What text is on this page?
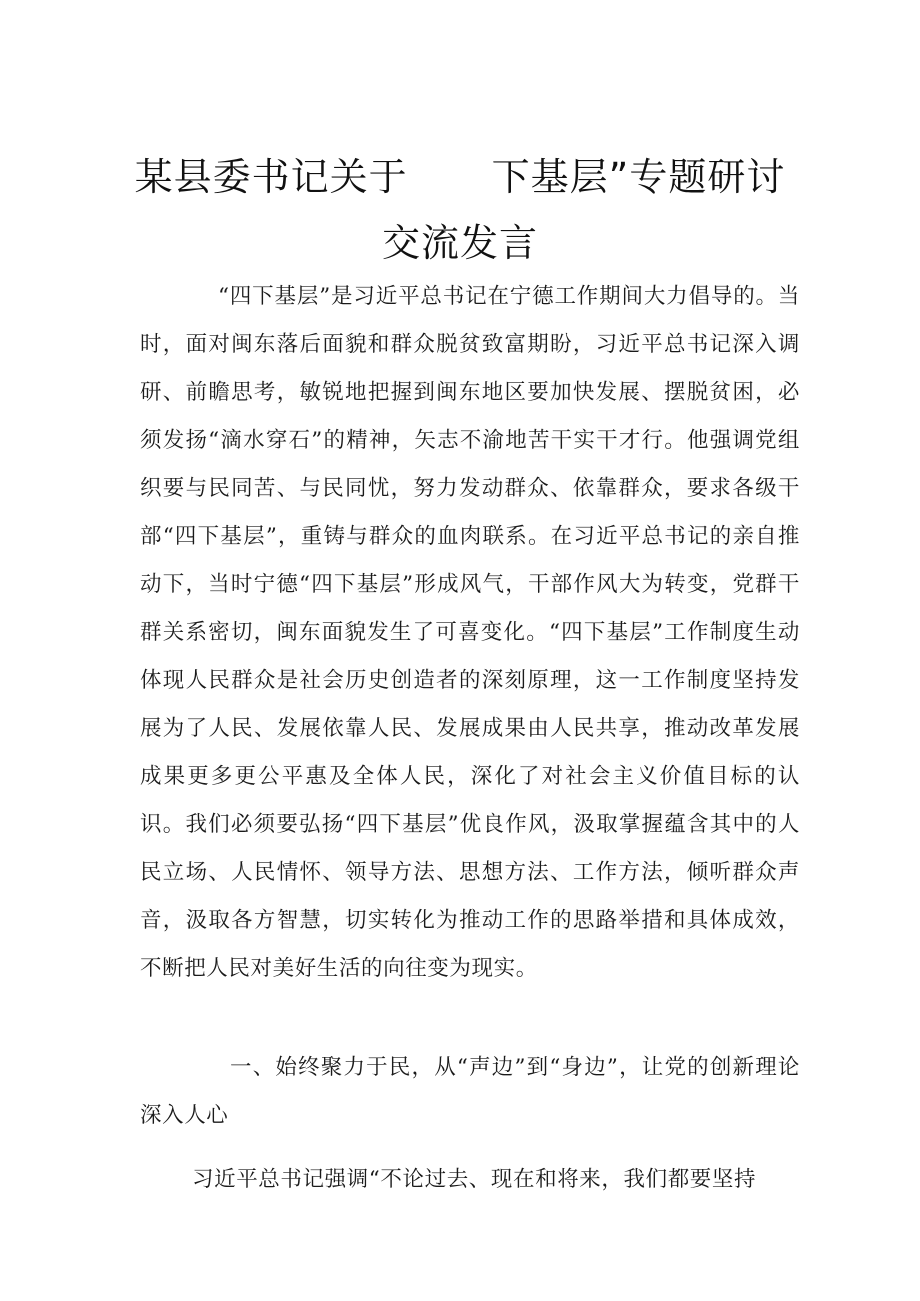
某县委书记关于 下基层”专题研讨
交流发言

“四下基层”是习近平总书记在宁德工作期间大力倡导的。当时，面对闽东落后面貌和群众脱贫致富期盼，习近平总书记深入调研、前瞻思考，敏锐地把握到闽东地区要加快发展、摆脱贫困，必须发扬“滴水穿石”的精神，矢志不渝地苦干实干才行。他强调党组织要与民同苦、与民同忧，努力发动群众、依靠群众，要求各级干部“四下基层”，重铸与群众的血肉联系。在习近平总书记的亲自推动下，当时宁德“四下基层”形成风气，干部作风大为转变，党群干群关系密切，闽东面貌发生了可喜变化。“四下基层”工作制度生动体现人民群众是社会历史创造者的深刻原理，这一工作制度坚持发展为了人民、发展依靠人民、发展成果由人民共享，推动改革发展成果更多更公平惠及全体人民，深化了对社会主义价值目标的认识。我们必须要弘扬“四下基层”优良作风，汲取掌握蕴含其中的人民立场、人民情怀、领导方法、思想方法、工作方法，倾听群众声音，汲取各方智慧，切实转化为推动工作的思路举措和具体成效，不断把人民对美好生活的向往变为现实。

一、始终聚力于民，从“声边”到“身边”，让党的创新理论深入人心

习近平总书记强调“不论过去、现在和将来，我们都要坚持
